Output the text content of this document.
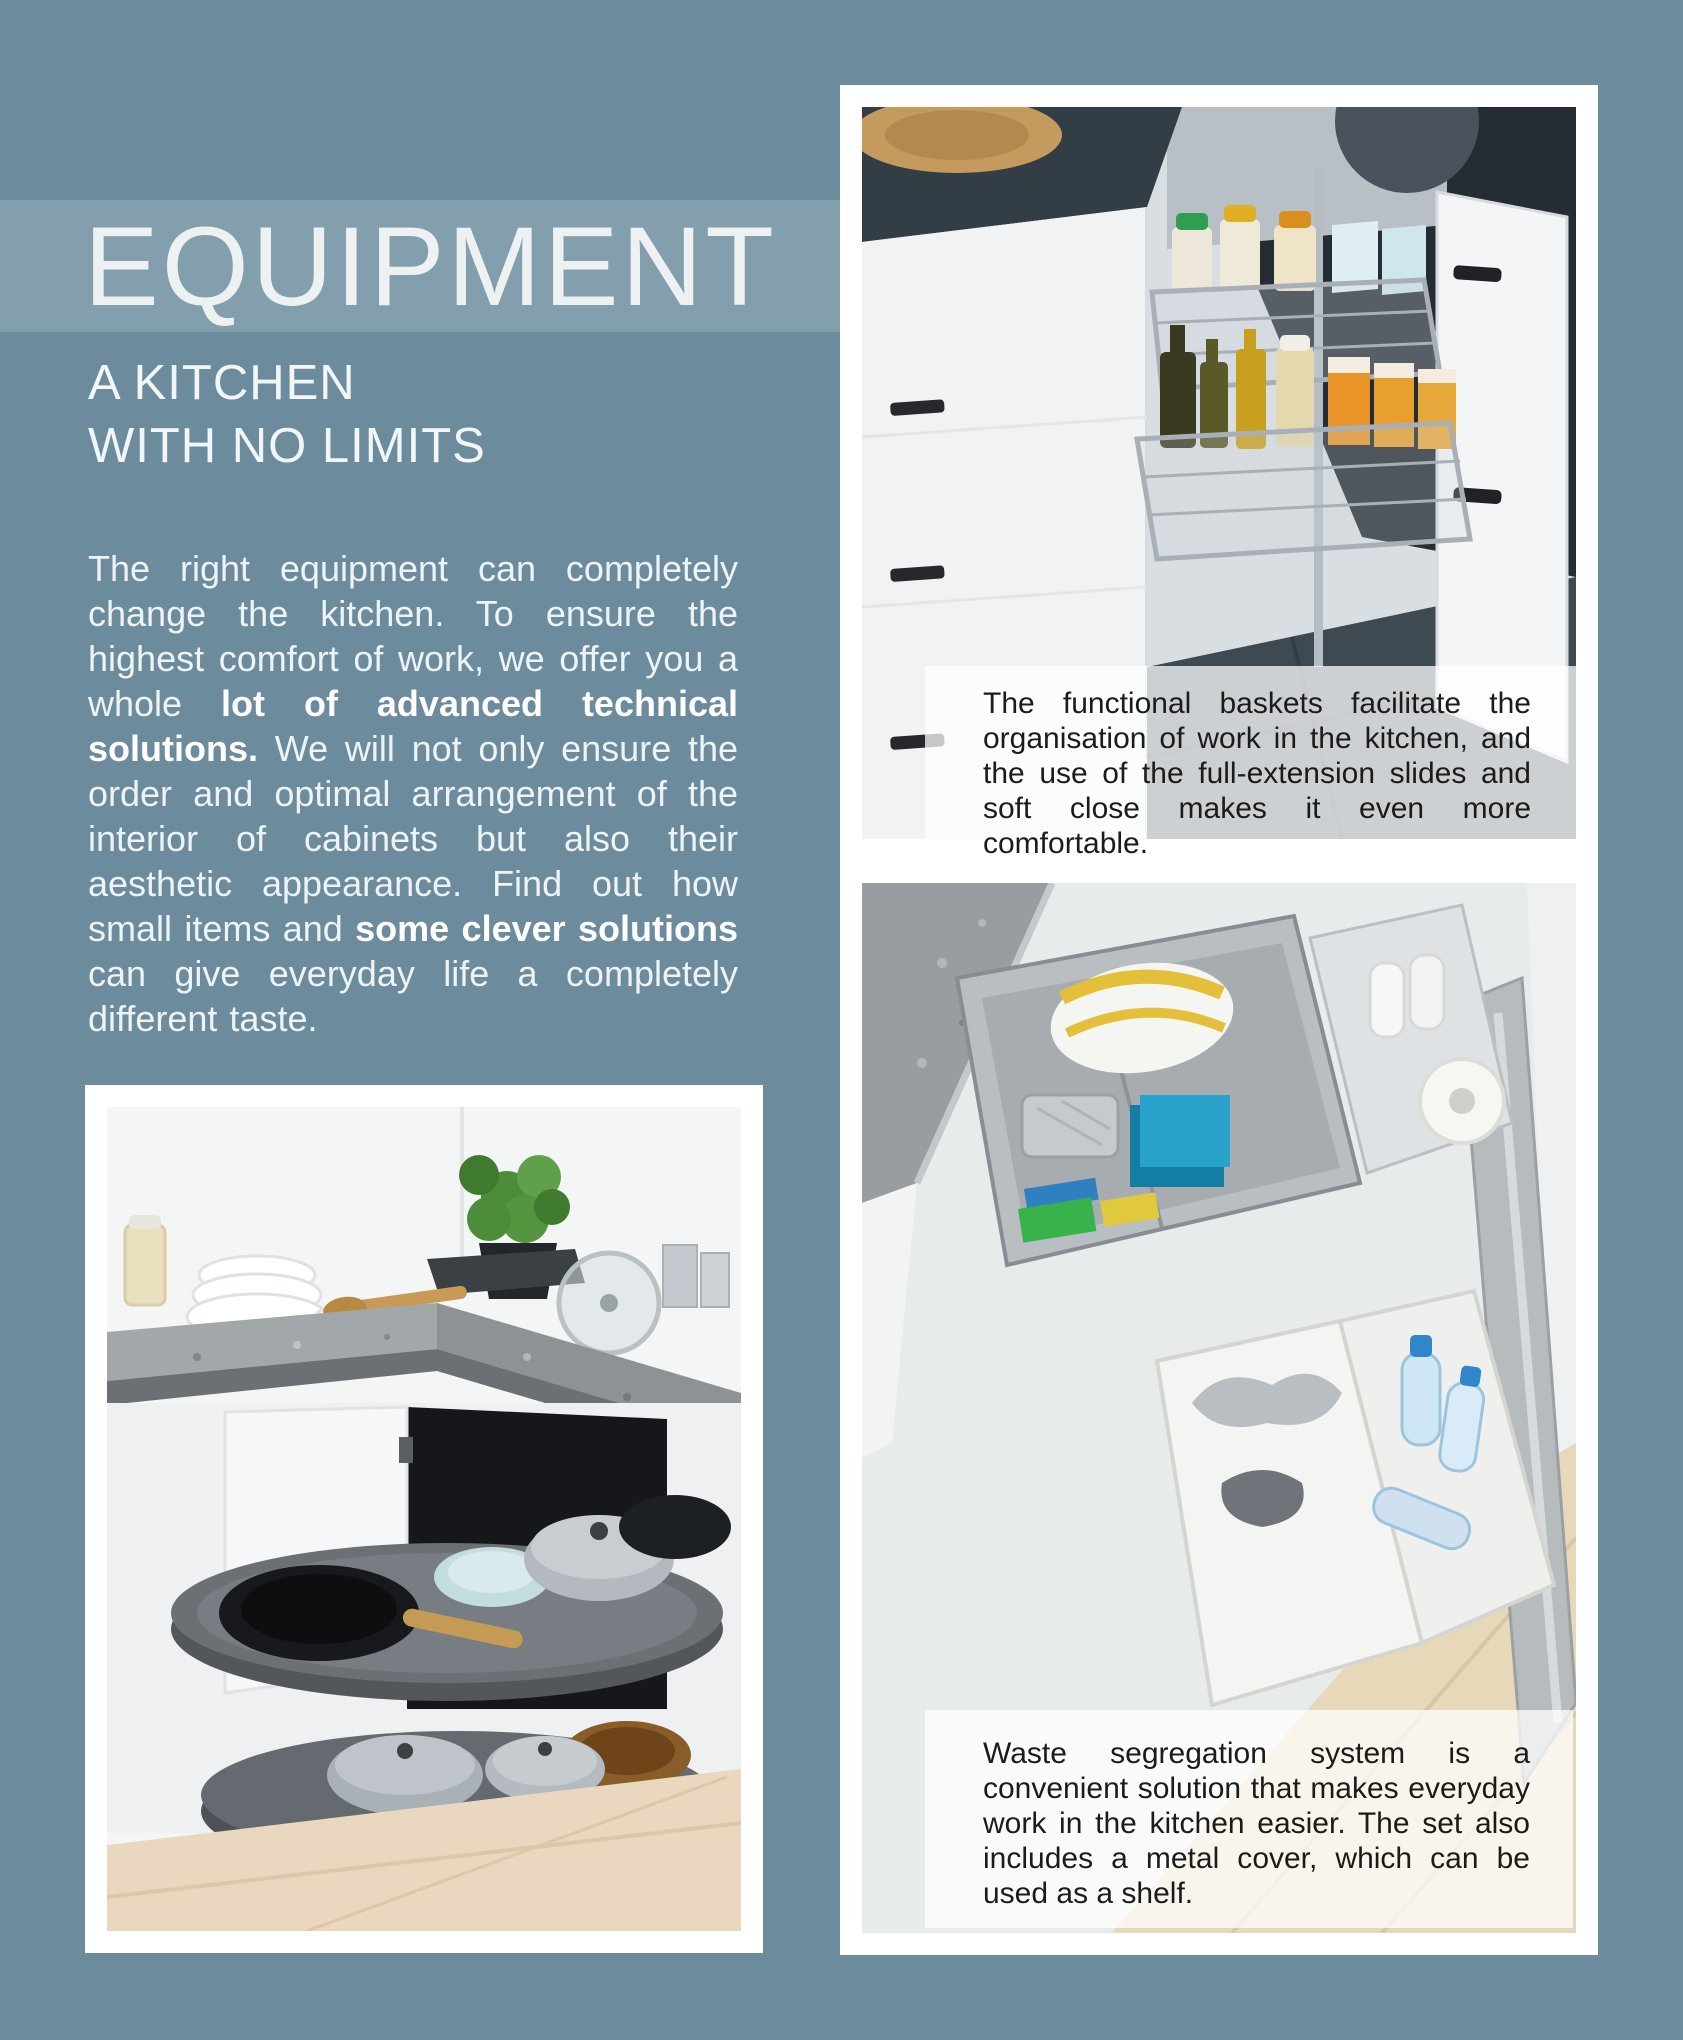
EQUIPMENT
A KITCHEN
WITH NO LIMITS

The right equipment can completely change the kitchen. To ensure the highest comfort of work, we offer you a whole lot of advanced technical solutions. We will not only ensure the order and optimal arrangement of the interior of cabinets but also their aesthetic appearance. Find out how small items and some clever solutions can give everyday life a completely different taste.

The functional baskets facilitate the organisation of work in the kitchen, and the use of the full-extension slides and soft close makes it even more comfortable.
Waste segregation system is a convenient solution that makes everyday work in the kitchen easier. The set also includes a metal cover, which can be used as a shelf.
